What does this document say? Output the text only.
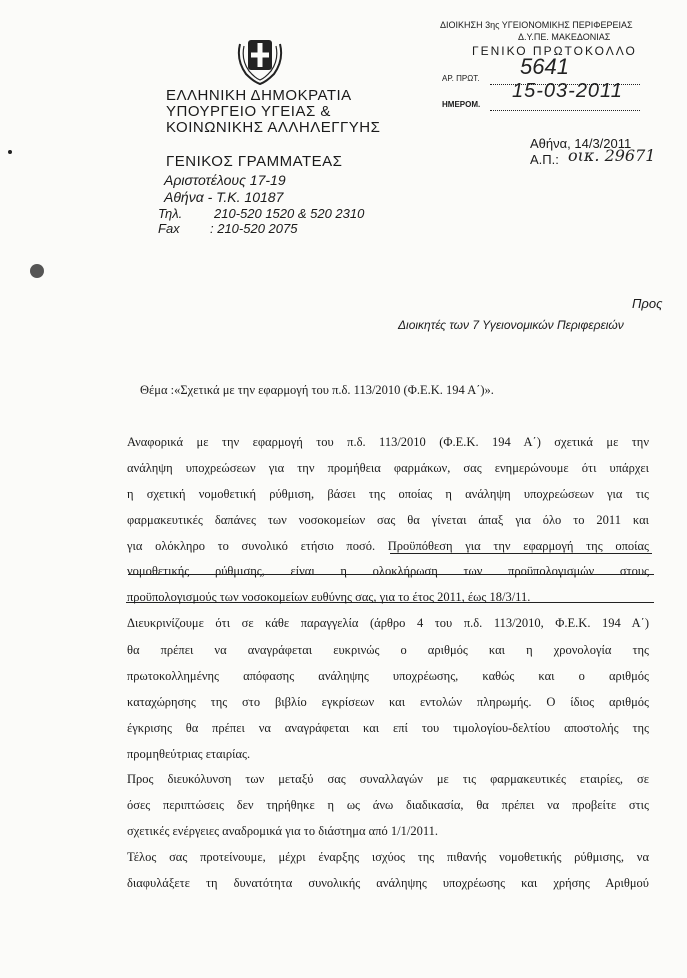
ΔΙΟΙΚΗΣΗ 3ης ΥΓΕΙΟΝΟΜΙΚΗΣ ΠΕΡΙΦΕΡΕΙΑΣ
Δ.Υ.ΠΕ. ΜΑΚΕΔΟΝΙΑΣ
ΓΕΝΙΚΟ ΠΡΩΤΟΚΟΛΛΟ
ΑΡ. ΠΡΩΤ. 5641
ΗΜΕΡΟΜ.
15-03-2011
ΕΛΛΗΝΙΚΗ ΔΗΜΟΚΡΑΤΙΑ
ΥΠΟΥΡΓΕΙΟ ΥΓΕΙΑΣ &
ΚΟΙΝΩΝΙΚΗΣ ΑΛΛΗΛΕΓΓΥΗΣ
ΓΕΝΙΚΟΣ ΓΡΑΜΜΑΤΕΑΣ
Αριστοτέλους 17-19
Αθήνα - Τ.Κ. 10187
Τηλ. 210-520 1520 & 520 2310
Fax : 210-520 2075
Αθήνα, 14/3/2011
Α.Π.: οικ. 29671
Προς
Διοικητές των 7 Υγειονομικών Περιφερειών
Θέμα :«Σχετικά με την εφαρμογή του π.δ. 113/2010 (Φ.Ε.Κ. 194 Α΄)».
Αναφορικά με την εφαρμογή του π.δ. 113/2010 (Φ.Ε.Κ. 194 Α΄) σχετικά με την
ανάληψη υποχρεώσεων για την προμήθεια φαρμάκων, σας ενημερώνουμε ότι υπάρχει
η σχετική νομοθετική ρύθμιση, βάσει της οποίας η ανάληψη υποχρεώσεων για τις
φαρμακευτικές δαπάνες των νοσοκομείων σας θα γίνεται άπαξ για όλο το 2011 και
για ολόκληρο το συνολικό ετήσιο ποσό. Προϋπόθεση για την εφαρμογή της οποίας
νομοθετικής ρύθμισης, είναι η ολοκλήρωση των προϋπολογισμών στους
προϋπολογισμούς των νοσοκομείων ευθύνης σας, για το έτος 2011, έως 18/3/11.
Διευκρινίζουμε ότι σε κάθε παραγγελία (άρθρο 4 του π.δ. 113/2010, Φ.Ε.Κ. 194 Α΄)
θα πρέπει να αναγράφεται ευκρινώς ο αριθμός και η χρονολογία της
πρωτοκολλημένης απόφασης ανάληψης υποχρέωσης, καθώς και ο αριθμός
καταχώρησης της στο βιβλίο εγκρίσεων και εντολών πληρωμής. Ο ίδιος αριθμός
έγκρισης θα πρέπει να αναγράφεται και επί του τιμολογίου-δελτίου αποστολής της
προμηθεύτριας εταιρίας.
Προς διευκόλυνση των μεταξύ σας συναλλαγών με τις φαρμακευτικές εταιρίες, σε
όσες περιπτώσεις δεν τηρήθηκε η ως άνω διαδικασία, θα πρέπει να προβείτε στις
σχετικές ενέργειες αναδρομικά για το διάστημα από 1/1/2011.
Τέλος σας προτείνουμε, μέχρι έναρξης ισχύος της πιθανής νομοθετικής ρύθμισης, να
διαφυλάξετε τη δυνατότητα συνολικής ανάληψης υποχρέωσης και χρήσης Αριθμού
